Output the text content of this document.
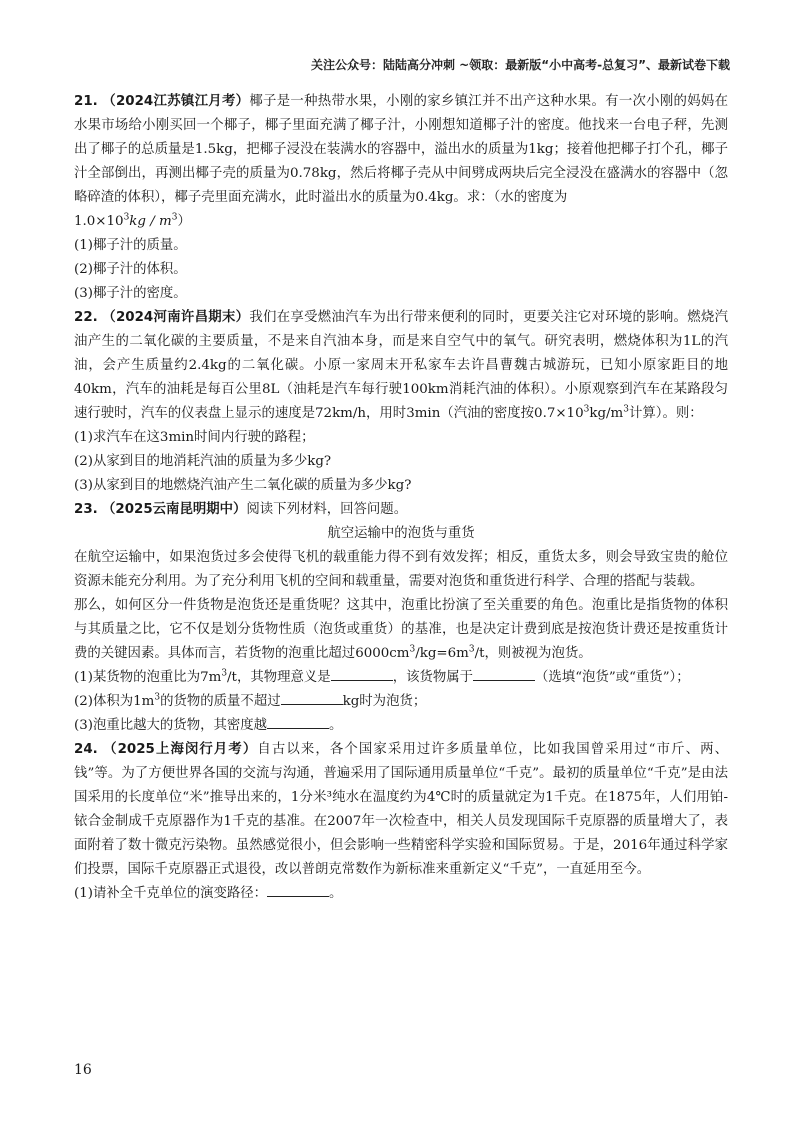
关注公众号：陆陆高分冲刺 ~领取：最新版“小中高考-总复习”、最新试卷下载

21. （2024江苏镇江月考）椰子是一种热带水果，小刚的家乡镇江并不出产这种水果。有一次小刚的妈妈在水果市场给小刚买回一个椰子，椰子里面充满了椰子汁，小刚想知道椰子汁的密度。他找来一台电子秤，先测出了椰子的总质量是1.5kg，把椰子浸没在装满水的容器中，溢出水的质量为1kg；接着他把椰子打个孔，椰子汁全部倒出，再测出椰子壳的质量为0.78kg，然后将椰子壳从中间劈成两块后完全浸没在盛满水的容器中（忽略碎渣的体积），椰子壳里面充满水，此时溢出水的质量为0.4kg。求：（水的密度为

$1.0\times 10^3kg / m^3$）

(1)椰子汁的质量。

(2)椰子汁的体积。

(3)椰子汁的密度。

22. （2024河南许昌期末）我们在享受燃油汽车为出行带来便利的同时，更要关注它对环境的影响。燃烧汽油产生的二氧化碳的主要质量，不是来自汽油本身，而是来自空气中的氧气。研究表明，燃烧体积为1L的汽油，会产生质量约2.4kg的二氧化碳。小原一家周末开私家车去许昌曹魏古城游玩，已知小原家距目的地40km，汽车的油耗是每百公里8L（油耗是汽车每行驶100km消耗汽油的体积）。小原观察到汽车在某路段匀速行驶时，汽车的仪表盘上显示的速度是72km/h，用时3min（汽油的密度按$0.7\times 10^3kg/m^3$计算）。则：

(1)求汽车在这3min时间内行驶的路程；

(2)从家到目的地消耗汽油的质量为多少kg?

(3)从家到目的地燃烧汽油产生二氧化碳的质量为多少kg?

23. （2025云南昆明期中）阅读下列材料，回答问题。

航空运输中的泡货与重货

在航空运输中，如果泡货过多会使得飞机的载重能力得不到有效发挥；相反，重货太多，则会导致宝贵的舱位资源未能充分利用。为了充分利用飞机的空间和载重量，需要对泡货和重货进行科学、合理的搭配与装载。

那么，如何区分一件货物是泡货还是重货呢？这其中，泡重比扮演了至关重要的角色。泡重比是指货物的体积与其质量之比，它不仅是划分货物性质（泡货或重货）的基准，也是决定计费到底是按泡货计费还是按重货计费的关键因素。具体而言，若货物的泡重比超过$6000cm^3/kg=6m^3/t$，则被视为泡货。

(1)某货物的泡重比为$7m^3/t$，其物理意义是	，该货物属于	（选填“泡货”或“重货”）；

(2)体积为$1m^3$的货物的质量不超过	kg时为泡货；

(3)泡重比越大的货物，其密度越	。

24. （2025上海闵行月考）自古以来，各个国家采用过许多质量单位，比如我国曾采用过“市斤、两、钱”等。为了方便世界各国的交流与沟通，普遍采用了国际通用质量单位“千克”。最初的质量单位“千克”是由法国采用的长度单位“米”推导出来的，1分米³纯水在温度约为4℃时的质量就定为1千克。在1875年，人们用铂-铱合金制成千克原器作为1千克的基准。在2007年一次检查中，相关人员发现国际千克原器的质量增大了，表面附着了数十微克污染物。虽然感觉很小，但会影响一些精密科学实验和国际贸易。于是，2016年通过科学家们投票，国际千克原器正式退役，改以普朗克常数作为新标准来重新定义“千克”，一直延用至今。

(1)请补全千克单位的演变路径：	。

16
